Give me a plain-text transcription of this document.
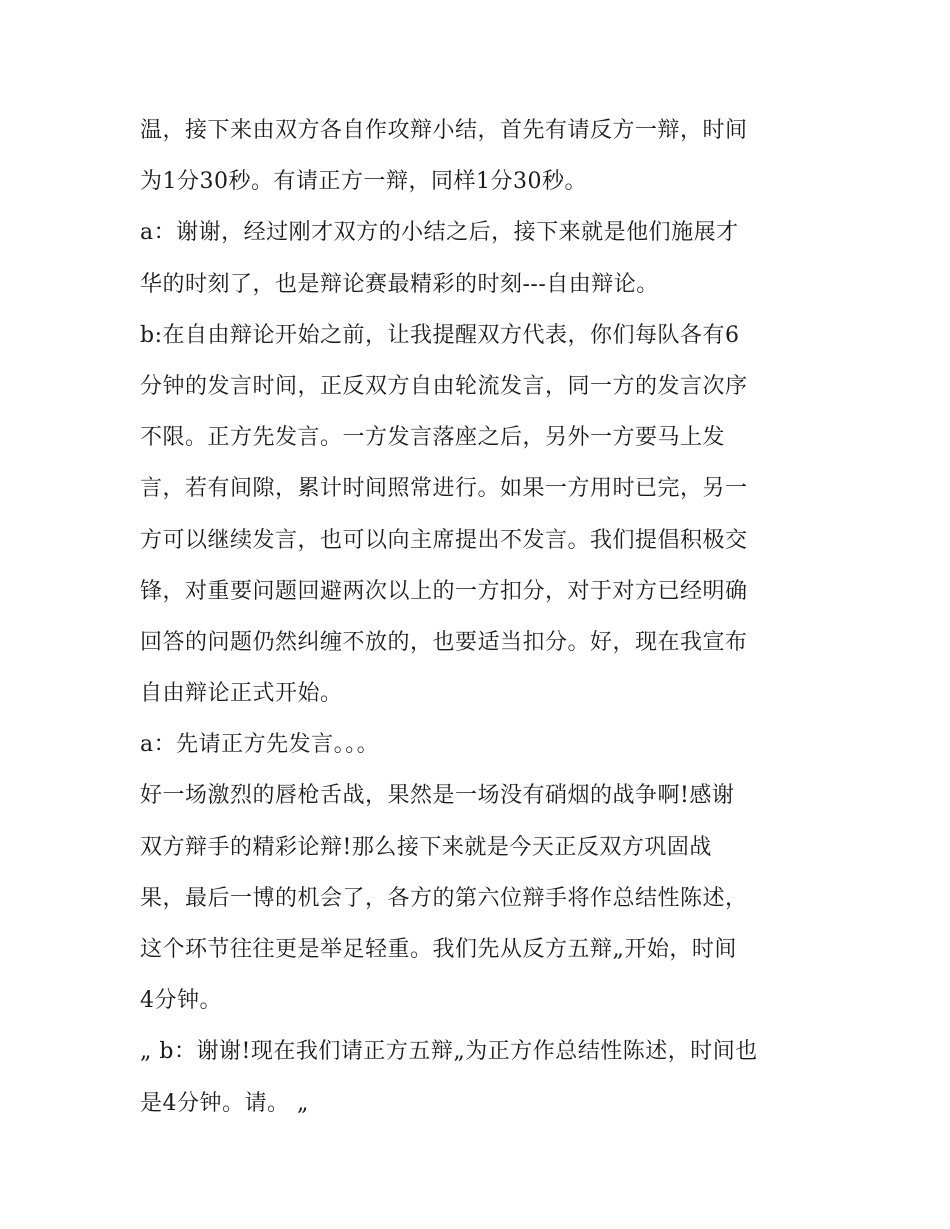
温，接下来由双方各自作攻辩小结，首先有请反方一辩，时间
为1分30秒。有请正方一辩，同样1分30秒。
a：谢谢，经过刚才双方的小结之后，接下来就是他们施展才
华的时刻了，也是辩论赛最精彩的时刻---自由辩论。
b:在自由辩论开始之前，让我提醒双方代表，你们每队各有6
分钟的发言时间，正反双方自由轮流发言，同一方的发言次序
不限。正方先发言。一方发言落座之后，另外一方要马上发
言，若有间隙，累计时间照常进行。如果一方用时已完，另一
方可以继续发言，也可以向主席提出不发言。我们提倡积极交
锋，对重要问题回避两次以上的一方扣分，对于对方已经明确
回答的问题仍然纠缠不放的，也要适当扣分。好，现在我宣布
自由辩论正式开始。
a：先请正方先发言。。。
好一场激烈的唇枪舌战，果然是一场没有硝烟的战争啊!感谢
双方辩手的精彩论辩!那么接下来就是今天正反双方巩固战
果，最后一博的机会了，各方的第六位辩手将作总结性陈述，
这个环节往往更是举足轻重。我们先从反方五辩„开始，时间
4分钟。
„ b：谢谢!现在我们请正方五辩„为正方作总结性陈述，时间也
是4分钟。请。 „
